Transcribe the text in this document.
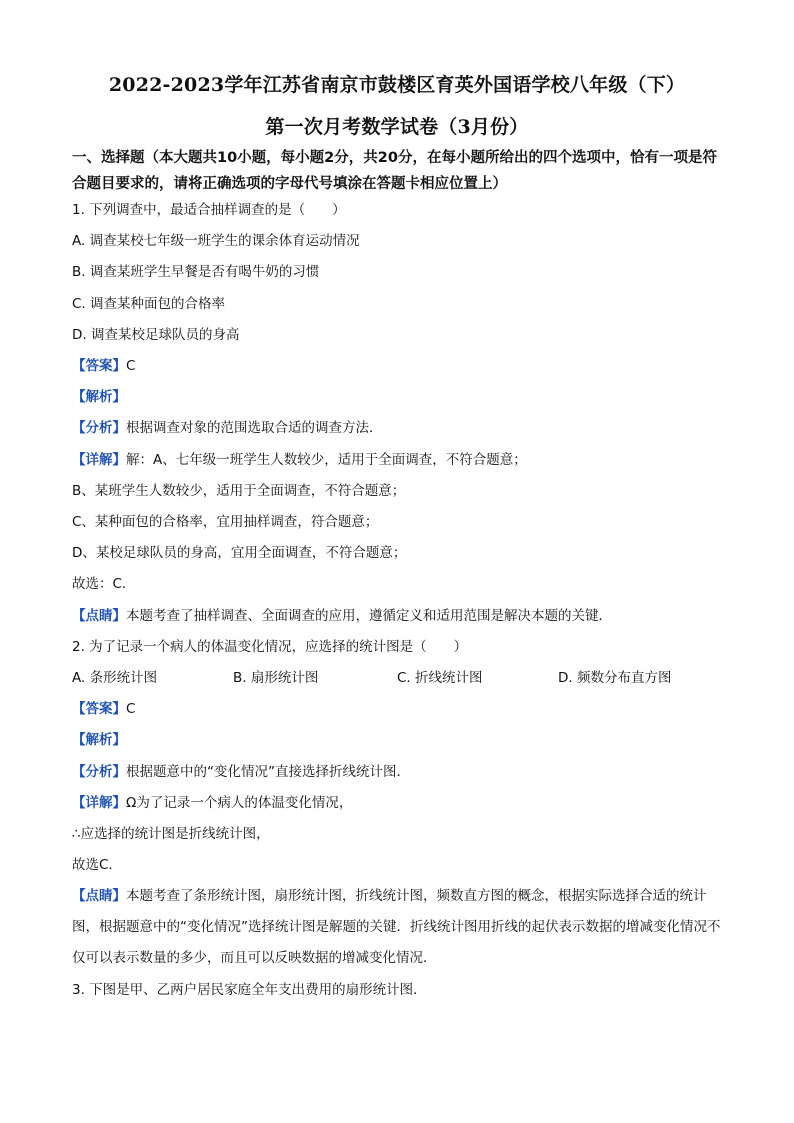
2022-2023学年江苏省南京市鼓楼区育英外国语学校八年级（下）
第一次月考数学试卷（3月份）
一、选择题（本大题共10小题，每小题2分，共20分，在每小题所给出的四个选项中，恰有一项是符合题目要求的，请将正确选项的字母代号填涂在答题卡相应位置上）
1. 下列调查中，最适合抽样调查的是（　　）
A. 调查某校七年级一班学生的课余体育运动情况
B. 调查某班学生早餐是否有喝牛奶的习惯
C. 调查某种面包的合格率
D. 调查某校足球队员的身高
【答案】C
【解析】
【分析】根据调查对象的范围选取合适的调查方法．
【详解】解：A、七年级一班学生人数较少，适用于全面调查，不符合题意；
B、某班学生人数较少，适用于全面调查，不符合题意；
C、某种面包的合格率，宜用抽样调查，符合题意；
D、某校足球队员的身高，宜用全面调查，不符合题意；
故选：C．
【点睛】本题考查了抽样调查、全面调查的应用，遵循定义和适用范围是解决本题的关键．
2. 为了记录一个病人的体温变化情况，应选择的统计图是（　　）
A. 条形统计图	B. 扇形统计图	C. 折线统计图	D. 频数分布直方图
【答案】C
【解析】
【分析】根据题意中的“变化情况”直接选择折线统计图．
【详解】Ω为了记录一个病人的体温变化情况，
∴应选择的统计图是折线统计图，
故选C．
【点睛】本题考查了条形统计图，扇形统计图，折线统计图，频数直方图的概念，根据实际选择合适的统计图，根据题意中的“变化情况”选择统计图是解题的关键．折线统计图用折线的起伏表示数据的增减变化情况不仅可以表示数量的多少，而且可以反映数据的增减变化情况．
3. 下图是甲、乙两户居民家庭全年支出费用的扇形统计图．
